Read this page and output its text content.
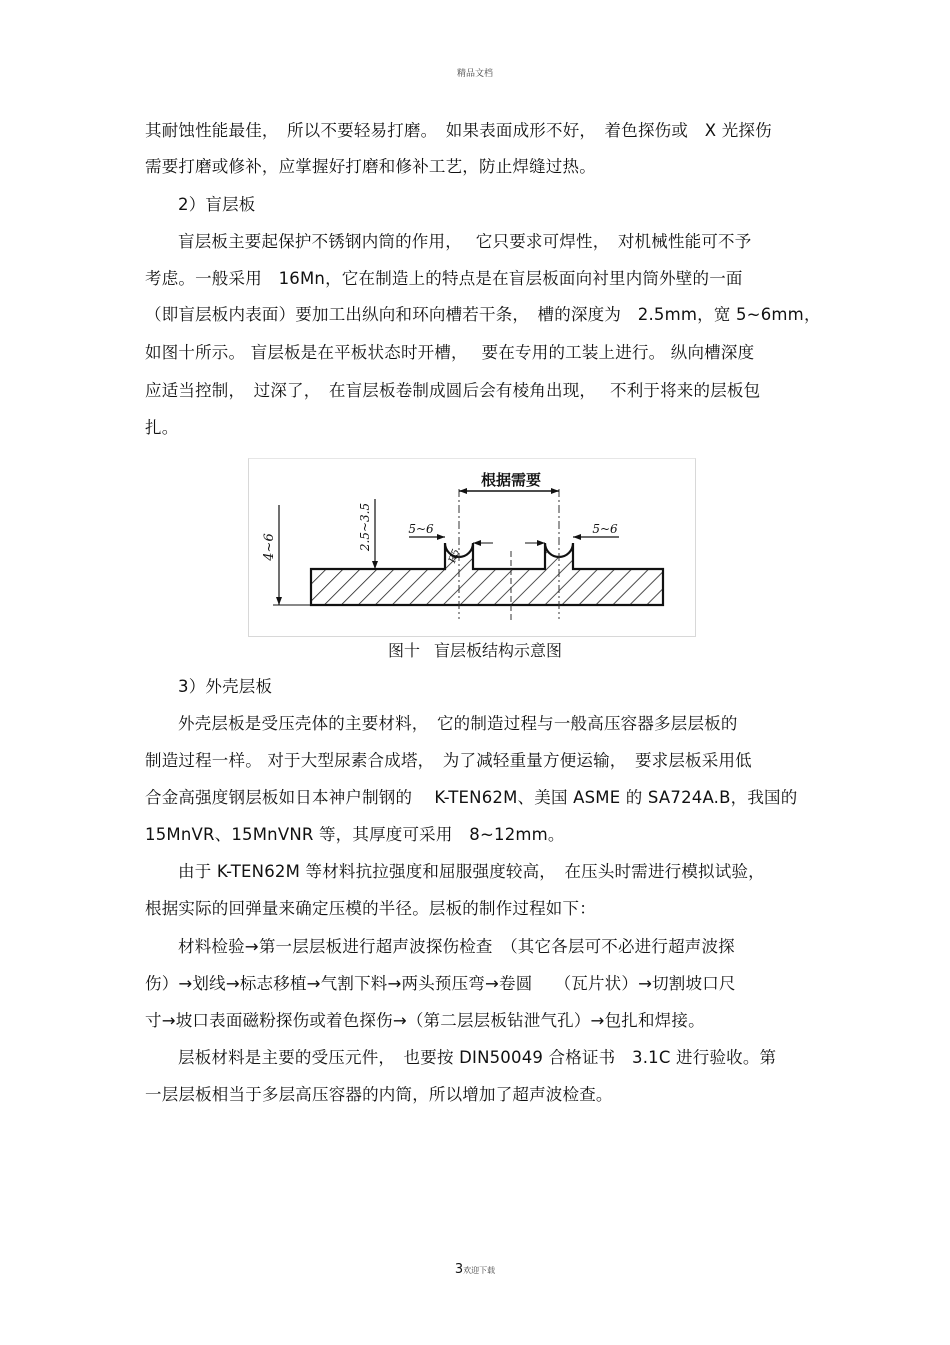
精品文档
其耐蚀性能最佳，　所以不要轻易打磨。　如果表面成形不好，　着色探伤或　X 光探伤
需要打磨或修补，应掌握好打磨和修补工艺，防止焊缝过热。
2）盲层板
盲层板主要起保护不锈钢内筒的作用，　 它只要求可焊性，　对机械性能可不予
考虑。一般采用　16Mn，它在制造上的特点是在盲层板面向衬里内筒外壁的一面
（即盲层板内表面）要加工出纵向和环向槽若干条，　槽的深度为　2.5mm，宽 5~6mm，
如图十所示。 盲层板是在平板状态时开槽，　 要在专用的工装上进行。 纵向槽深度
应适当控制，　过深了，　在盲层板卷制成圆后会有棱角出现，　 不利于将来的层板包
扎。
根据需要
4~6	2.5~3.5	5~6	5~6
R5
图十 盲层板结构示意图
3）外壳层板
外壳层板是受压壳体的主要材料，　它的制造过程与一般高压容器多层层板的
制造过程一样。 对于大型尿素合成塔，　为了减轻重量方便运输，　要求层板采用低
合金高强度钢层板如日本神户制钢的　 K-TEN62M、美国 ASME 的 SA724A.B，我国的
15MnVR、15MnVNR 等，其厚度可采用　8~12mm。
由于 K-TEN62M 等材料抗拉强度和屈服强度较高，　在压头时需进行模拟试验，
根据实际的回弹量来确定压模的半径。层板的制作过程如下：
材料检验→第一层层板进行超声波探伤检查　（其它各层可不必进行超声波探
伤）→划线→标志移植→气割下料→两头预压弯→卷圆　 （瓦片状）→切割坡口尺
寸→坡口表面磁粉探伤或着色探伤→（第二层层板钻泄气孔）→包扎和焊接。
层板材料是主要的受压元件，　也要按 DIN50049 合格证书　3.1C 进行验收。第
一层层板相当于多层高压容器的内筒，所以增加了超声波检查。
3欢迎下载
